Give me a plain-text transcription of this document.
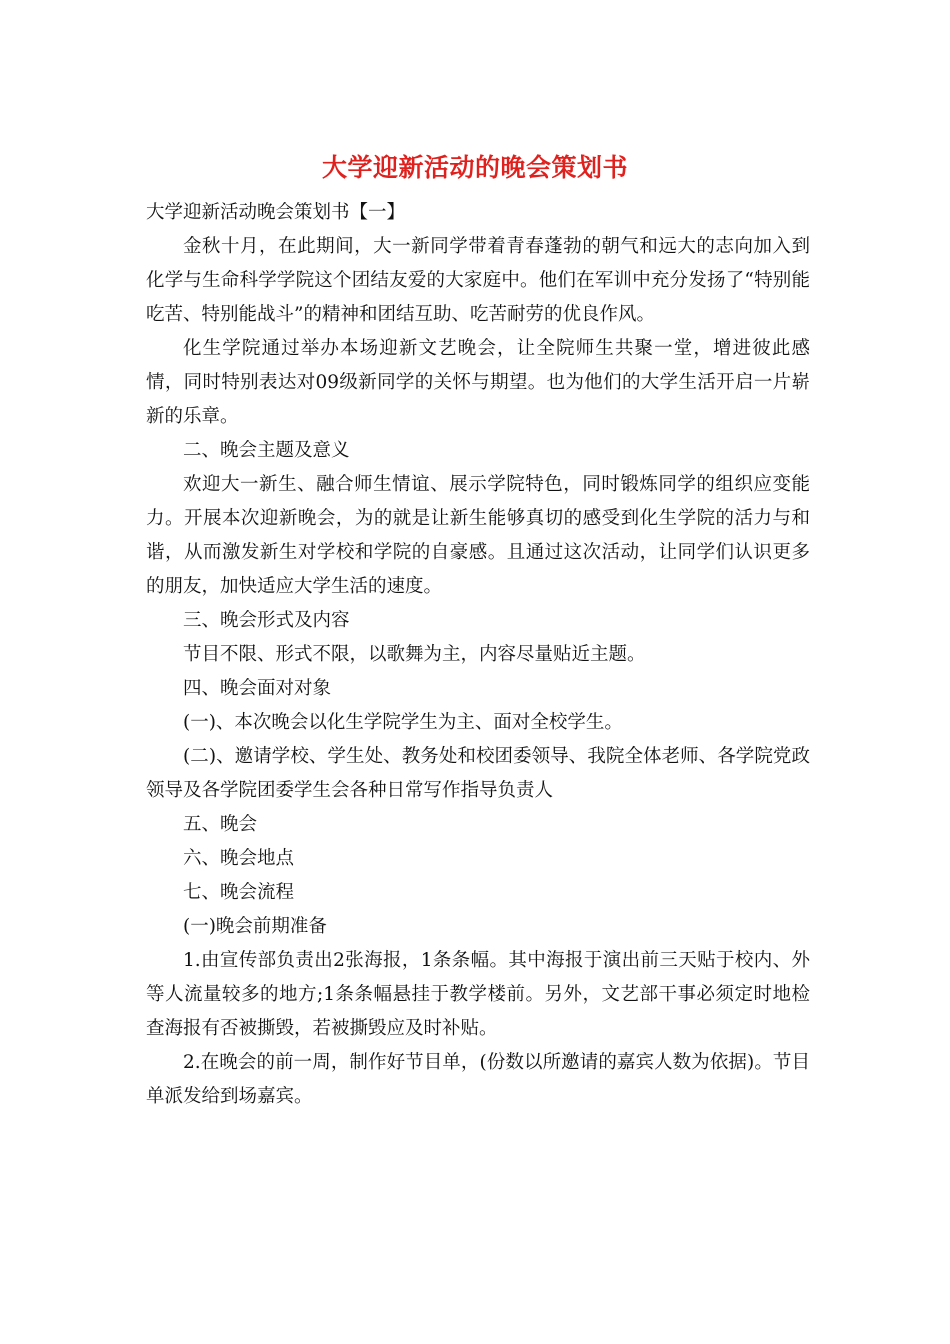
大学迎新活动的晚会策划书

大学迎新活动晚会策划书【一】

金秋十月，在此期间，大一新同学带着青春蓬勃的朝气和远大的志向加入到化学与生命科学学院这个团结友爱的大家庭中。他们在军训中充分发扬了“特别能吃苦、特别能战斗”的精神和团结互助、吃苦耐劳的优良作风。

化生学院通过举办本场迎新文艺晚会，让全院师生共聚一堂，增进彼此感情，同时特别表达对09级新同学的关怀与期望。也为他们的大学生活开启一片崭新的乐章。

二、晚会主题及意义

欢迎大一新生、融合师生情谊、展示学院特色，同时锻炼同学的组织应变能力。开展本次迎新晚会，为的就是让新生能够真切的感受到化生学院的活力与和谐，从而激发新生对学校和学院的自豪感。且通过这次活动，让同学们认识更多的朋友，加快适应大学生活的速度。

三、晚会形式及内容

节目不限、形式不限，以歌舞为主，内容尽量贴近主题。

四、晚会面对对象

(一)、本次晚会以化生学院学生为主、面对全校学生。

(二)、邀请学校、学生处、教务处和校团委领导、我院全体老师、各学院党政领导及各学院团委学生会各种日常写作指导负责人

五、晚会

六、晚会地点

七、晚会流程

(一)晚会前期准备

1.由宣传部负责出2张海报，1条条幅。其中海报于演出前三天贴于校内、外等人流量较多的地方;1条条幅悬挂于教学楼前。另外，文艺部干事必须定时地检查海报有否被撕毁，若被撕毁应及时补贴。

2.在晚会的前一周，制作好节目单，(份数以所邀请的嘉宾人数为依据)。节目单派发给到场嘉宾。
